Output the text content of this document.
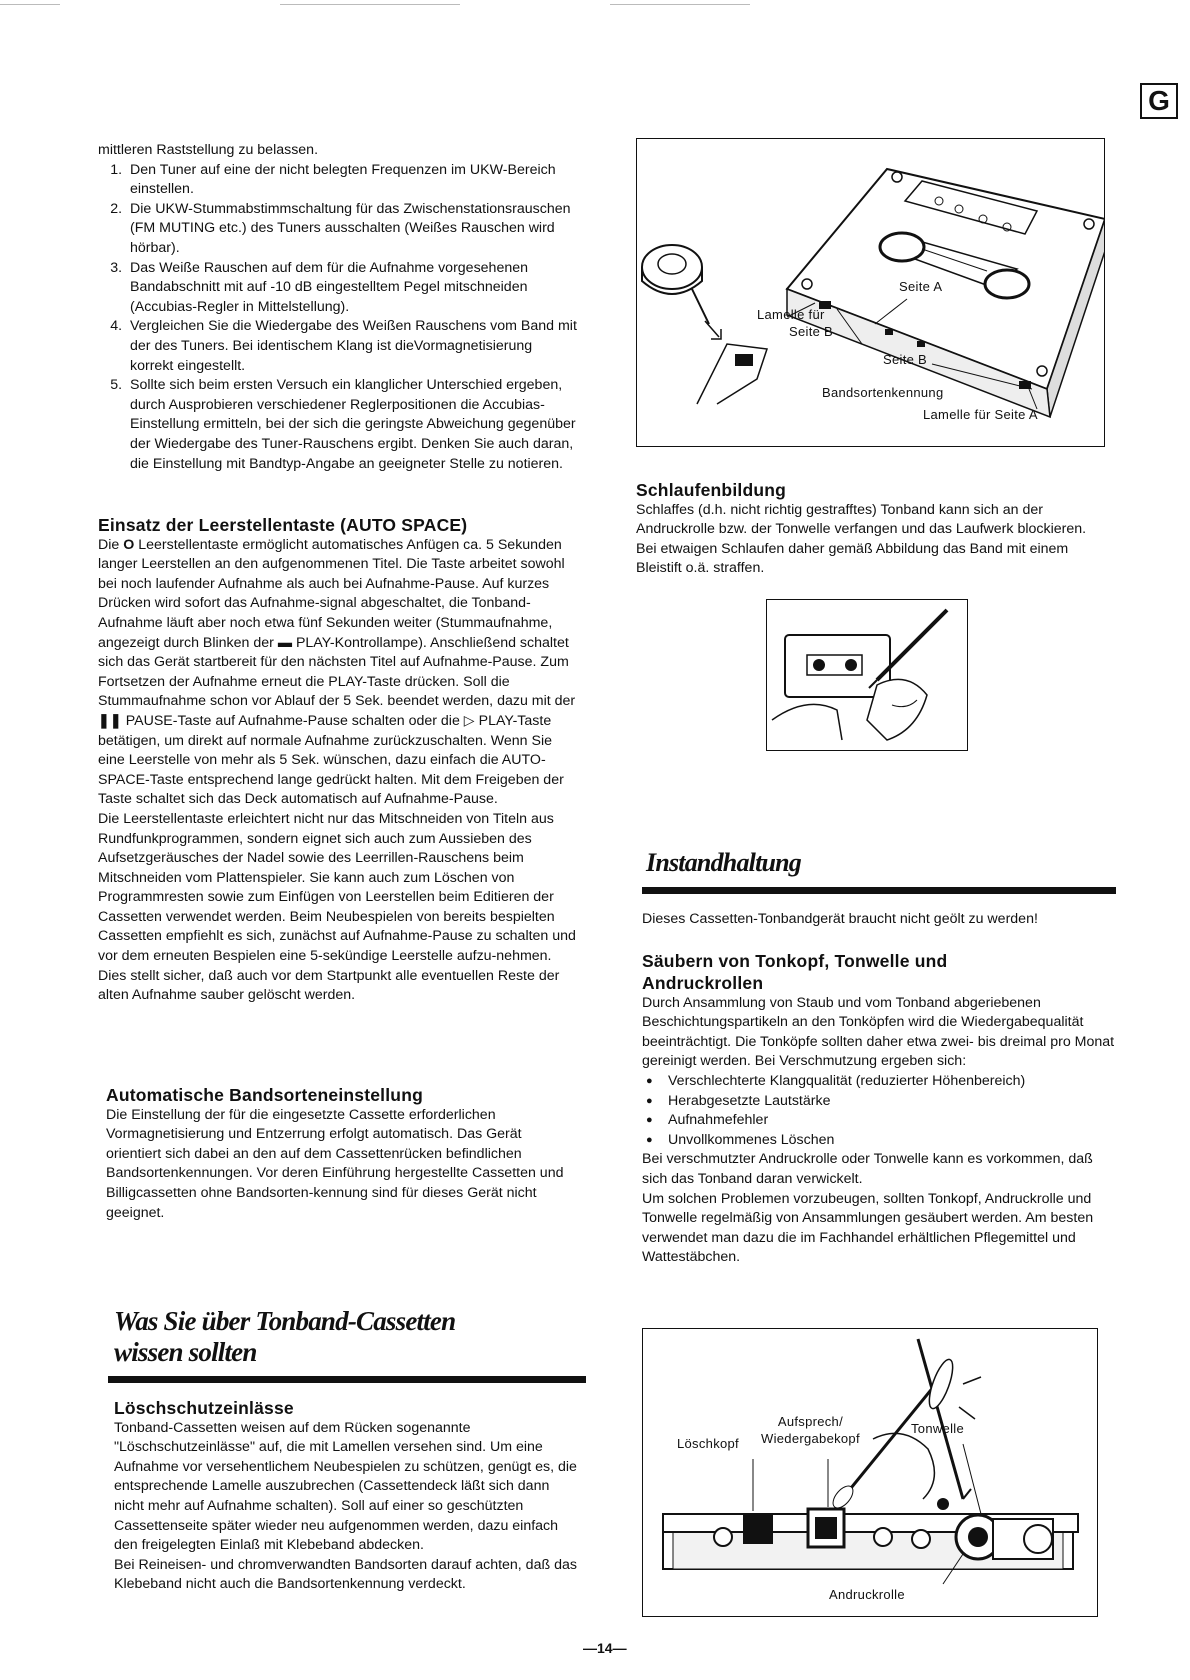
G

mittleren Raststellung zu belassen.

1. Den Tuner auf eine der nicht belegten Frequenzen im UKW-Bereich einstellen.
2. Die UKW-Stummabstimmschaltung für das Zwischenstationsrauschen (FM MUTING etc.) des Tuners ausschalten (Weißes Rauschen wird hörbar).
3. Das Weiße Rauschen auf dem für die Aufnahme vorgesehenen Bandabschnitt mit auf -10 dB eingestelltem Pegel mitschneiden (Accubias-Regler in Mittelstellung).
4. Vergleichen Sie die Wiedergabe des Weißen Rauschens vom Band mit der des Tuners. Bei identischem Klang ist dieVormagnetisierung korrekt eingestellt.
5. Sollte sich beim ersten Versuch ein klanglicher Unterschied ergeben, durch Ausprobieren verschiedener Reglerpositionen die Accubias-Einstellung ermitteln, bei der sich die geringste Abweichung gegenüber der Wiedergabe des Tuner-Rauschens ergibt. Denken Sie auch daran, die Einstellung mit Bandtyp-Angabe an geeigneter Stelle zu notieren.
Einsatz der Leerstellentaste (AUTO SPACE)

Die O Leerstellentaste ermöglicht automatisches Anfügen ca. 5 Sekunden langer Leerstellen an den aufgenommenen Titel. Die Taste arbeitet sowohl bei noch laufender Aufnahme als auch bei Aufnahme-Pause. Auf kurzes Drücken wird sofort das Aufnahme-signal abgeschaltet, die Tonband-Aufnahme läuft aber noch etwa fünf Sekunden weiter (Stummaufnahme, angezeigt durch Blinken der ▬ PLAY-Kontrollampe). Anschließend schaltet sich das Gerät startbereit für den nächsten Titel auf Aufnahme-Pause. Zum Fortsetzen der Aufnahme erneut die PLAY-Taste drücken. Soll die Stummaufnahme schon vor Ablauf der 5 Sek. beendet werden, dazu mit der ❚❚ PAUSE-Taste auf Aufnahme-Pause schalten oder die ▷ PLAY-Taste betätigen, um direkt auf normale Aufnahme zurückzuschalten. Wenn Sie eine Leerstelle von mehr als 5 Sek. wünschen, dazu einfach die AUTO-SPACE-Taste entsprechend lange gedrückt halten. Mit dem Freigeben der Taste schaltet sich das Deck automatisch auf Aufnahme-Pause.

Die Leerstellentaste erleichtert nicht nur das Mitschneiden von Titeln aus Rundfunkprogrammen, sondern eignet sich auch zum Aussieben des Aufsetzgeräusches der Nadel sowie des Leerrillen-Rauschens beim Mitschneiden vom Plattenspieler. Sie kann auch zum Löschen von Programmresten sowie zum Einfügen von Leerstellen beim Editieren der Cassetten verwendet werden. Beim Neubespielen von bereits bespielten Cassetten empfiehlt es sich, zunächst auf Aufnahme-Pause zu schalten und vor dem erneuten Bespielen eine 5-sekündige Leerstelle aufzu-nehmen. Dies stellt sicher, daß auch vor dem Startpunkt alle eventuellen Reste der alten Aufnahme sauber gelöscht werden.

Automatische Bandsorteneinstellung

Die Einstellung der für die eingesetzte Cassette erforderlichen Vormagnetisierung und Entzerrung erfolgt automatisch. Das Gerät orientiert sich dabei an den auf dem Cassettenrücken befindlichen Bandsortenkennungen. Vor deren Einführung hergestellte Cassetten und Billigcassetten ohne Bandsorten-kennung sind für dieses Gerät nicht geeignet.

Was Sie über Tonband-Cassetten
wissen sollten
Löschschutzeinlässe

Tonband-Cassetten weisen auf dem Rücken sogenannte "Löschschutzeinlässe" auf, die mit Lamellen versehen sind. Um eine Aufnahme vor versehentlichem Neubespielen zu schützen, genügt es, die entsprechende Lamelle auszubrechen (Cassettendeck läßt sich dann nicht mehr auf Aufnahme schalten). Soll auf einer so geschützten Cassettenseite später wieder neu aufgenommen werden, dazu einfach den freigelegten Einlaß mit Klebeband abdecken.

Bei Reineisen- und chromverwandten Bandsorten darauf achten, daß das Klebeband nicht auch die Bandsortenkennung verdeckt.

Lamelle für
Seite B
Seite A
Seite B
Bandsortenkennung
Lamelle für Seite A
Schlaufenbildung

Schlaffes (d.h. nicht richtig gestrafftes) Tonband kann sich an der Andruckrolle bzw. der Tonwelle verfangen und das Laufwerk blockieren. Bei etwaigen Schlaufen daher gemäß Abbildung das Band mit einem Bleistift o.ä. straffen.

Instandhaltung

Dieses Cassetten-Tonbandgerät braucht nicht geölt zu werden!

Säubern von Tonkopf, Tonwelle und
Andruckrollen

Durch Ansammlung von Staub und vom Tonband abgeriebenen Beschichtungspartikeln an den Tonköpfen wird die Wiedergabequalität beeinträchtigt. Die Tonköpfe sollten daher etwa zwei- bis dreimal pro Monat gereinigt werden. Bei Verschmutzung ergeben sich:

● Verschlechterte Klangqualität (reduzierter Höhenbereich)
● Herabgesetzte Lautstärke
● Aufnahmefehler
● Unvollkommenes Löschen

Bei verschmutzter Andruckrolle oder Tonwelle kann es vorkommen, daß sich das Tonband daran verwickelt.

Um solchen Problemen vorzubeugen, sollten Tonkopf, Andruckrolle und Tonwelle regelmäßig von Ansammlungen gesäubert werden. Am besten verwendet man dazu die im Fachhandel erhältlichen Pflegemittel und Wattestäbchen.

Löschkopf
Aufsprech/
Wiedergabekopf
Tonwelle
Andruckrolle
—14—
